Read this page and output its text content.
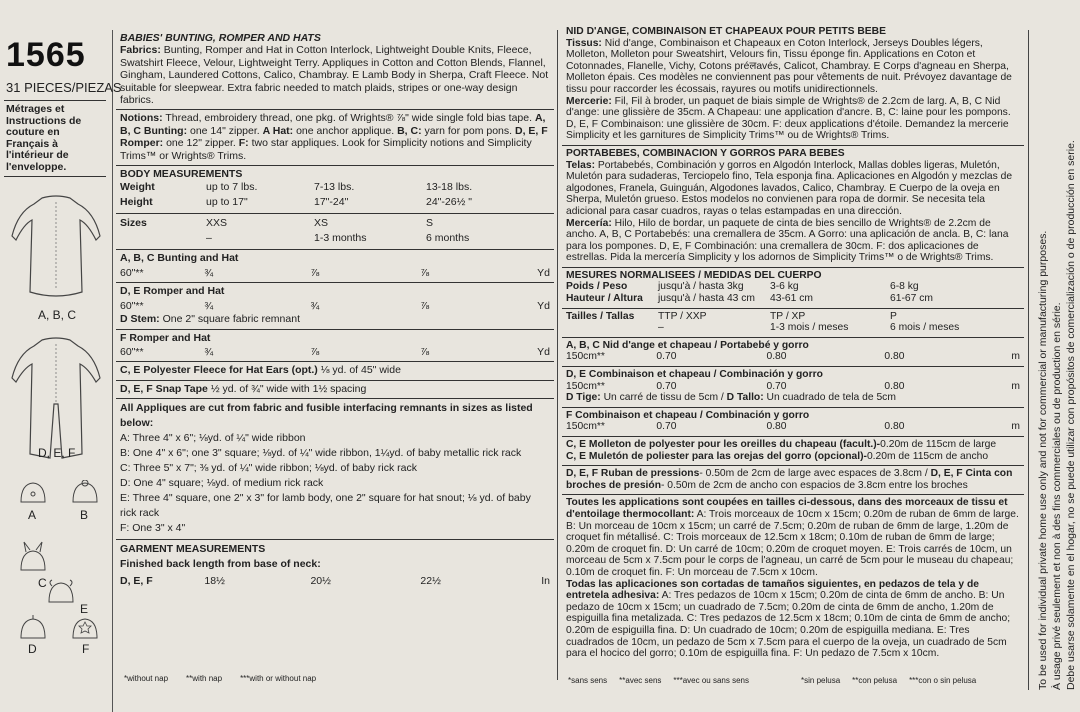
1565
31 PIECES/PIEZAS
Métrages et Instructions de couture en Français à l'intérieur de l'enveloppe.
A, B, C
D, E, F
A	B
C
E
D	F
BABIES' BUNTING, ROMPER AND HATS
Fabrics: Bunting, Romper and Hat in Cotton Interlock, Lightweight Double Knits, Fleece, Swatshirt Fleece, Velour, Lightweight Terry. Appliques in Cotton and Cotton Blends, Flannel, Gingham, Laundered Cottons, Calico, Chambray. E Lamb Body in Sherpa, Craft Fleece. Not suitable for sleepwear. Extra fabric needed to match plaids, stripes or one-way design fabrics.
Notions: Thread, embroidery thread, one pkg. of Wrights® ⅞" wide single fold bias tape. A, B, C Bunting: one 14" zipper. A Hat: one anchor applique. B, C: yarn for pom pons. D, E, F Romper: one 12" zipper. F: two star appliques. Look for Simplicity notions and Simplicity Trims™ or Wrights® Trims.
BODY MEASUREMENTS
Weight	up to 7 lbs.	7-13 lbs.	13-18 lbs.
Height	up to 17"	17"-24"	24"-26½ "
Sizes	XXS	XS	S
–	1-3 months	6 months
A, B, C Bunting and Hat
60"**	¾	⅞	⅞	Yd
D, E Romper and Hat
60"**	¾	¾	⅞	Yd
D Stem: One 2" square fabric remnant
F Romper and Hat
60"**	¾	⅞	⅞	Yd
C, E Polyester Fleece for Hat Ears (opt.) ⅛ yd. of 45" wide
D, E, F Snap Tape ½ yd. of ¾" wide with 1½ spacing
All Appliques are cut from fabric and fusible interfacing remnants in sizes as listed below:
A: Three 4" x 6"; ⅛yd. of ¼" wide ribbon
B: One 4" x 6"; one 3" square; ⅛yd. of ¼" wide ribbon, 1¼yd. of baby metallic rick rack
C: Three 5" x 7"; ⅜ yd. of ¼" wide ribbon; ⅛yd. of baby rick rack
D: One 4" square; ⅛yd. of medium rick rack
E: Three 4" square, one 2" x 3" for lamb body, one 2" square for hat snout; ⅛ yd. of baby rick rack
F: One 3" x 4"
GARMENT MEASUREMENTS
Finished back length from base of neck:
D, E, F	18½	20½	22½	In
*without nap **with nap ***with or without nap
NID D'ANGE, COMBINAISON ET CHAPEAUX POUR PETITS BEBE
Tissus: Nid d'ange, Combinaison et Chapeaux en Coton Interlock, Jerseys Doubles légers, Molleton, Molleton pour Sweatshirt, Velours fin, Tissu éponge fin. Applications en Coton et Cotonnades, Flanelle, Vichy, Cotons préलavés, Calicot, Chambray. E Corps d'agneau en Sherpa, Molleton épais. Ces modèles ne conviennent pas pour vêtements de nuit. Prévoyez davantage de tissu pour raccorder les écossais, rayures ou motifs unidirectionnels.
Mercerie: Fil, Fil à broder, un paquet de biais simple de Wrights® de 2.2cm de larg. A, B, C Nid d'ange: une glissière de 35cm. A Chapeau: une application d'ancre. B, C: laine pour les pompons. D, E, F Combinaison: une glissière de 30cm. F: deux applications d'étoile. Demandez la mercerie Simplicity et les garnitures de Simplicity Trims™ ou de Wrights® Trims.
PORTABEBES, COMBINACION Y GORROS PARA BEBES
Telas: Portabebés, Combinación y gorros en Algodón Interlock, Mallas dobles ligeras, Muletón, Muletón para sudaderas, Terciopelo fino, Tela esponja fina. Aplicaciones en Algodón y mezclas de algodones, Franela, Guinguán, Algodones lavados, Calico, Chambray. E Cuerpo de la oveja en Sherpa, Muletón grueso. Estos modelos no convienen para ropa de dormir. Se necesita tela adicional para casar cuadros, rayas o telas estampadas en una dirección.
Mercería: Hilo, Hilo de bordar, un paquete de cinta de bies sencillo de Wrights® de 2.2cm de ancho. A, B, C Portabebés: una cremallera de 35cm. A Gorro: una aplicación de ancla. B, C: lana para los pompones. D, E, F Combinación: una cremallera de 30cm. F: dos aplicaciones de estrellas. Pida la mercería Simplicity y los adornos de Simplicity Trims™ o de Wrights® Trims.
MESURES NORMALISEES / MEDIDAS DEL CUERPO
Poids / Peso	jusqu'à / hasta 3kg	3-6 kg	6-8 kg
Hauteur / Altura	jusqu'à / hasta 43 cm	43-61 cm	61-67 cm
Tailles / Tallas	TTP / XXP	TP / XP	P
–	1-3 mois / meses	6 mois / meses
A, B, C Nid d'ange et chapeau / Portabebé y gorro
150cm**	0.70	0.80	0.80	m
D, E Combinaison et chapeau / Combinación y gorro
150cm**	0.70	0.70	0.80	m
D Tige: Un carré de tissu de 5cm / D Tallo: Un cuadrado de tela de 5cm
F Combinaison et chapeau / Combinación y gorro
150cm**	0.70	0.80	0.80	m
C, E Molleton de polyester pour les oreilles du chapeau (facult.)-0.20m de 115cm de large
C, E Muletón de poliester para las orejas del gorro (opcional)-0.20m de 115cm de ancho
D, E, F Ruban de pressions- 0.50m de 2cm de large avec espaces de 3.8cm / D, E, F Cinta con broches de presión- 0.50m de 2cm de ancho con espacios de 3.8cm entre los broches
Toutes les applications sont coupées en tailles ci-dessous, dans des morceaux de tissu et d'entoilage thermocollant: A: Trois morceaux de 10cm x 15cm; 0.20m de ruban de 6mm de large. B: Un morceau de 10cm x 15cm; un carré de 7.5cm; 0.20m de ruban de 6mm de large, 1.20m de croquet fin métallisé. C: Trois morceaux de 12.5cm x 18cm; 0.10m de ruban de 6mm de large; 0.20m de croquet fin. D: Un carré de 10cm; 0.20m de croquet moyen. E: Trois carrés de 10cm, un morceau de 5cm x 7.5cm pour le corps de l'agneau, un carré de 5cm pour le museau du chapeau; 0.10m de croquet fin. F: Un morceau de 7.5cm x 10cm.
Todas las aplicaciones son cortadas de tamaños siguientes, en pedazos de tela y de entretela adhesiva: A: Tres pedazos de 10cm x 15cm; 0.20m de cinta de 6mm de ancho. B: Un pedazo de 10cm x 15cm; un cuadrado de 7.5cm; 0.20m de cinta de 6mm de ancho, 1.20m de espiguilla fina metalizada. C: Tres pedazos de 12.5cm x 18cm; 0.10m de cinta de 6mm de ancho; 0.20m de espiguilla fina. D: Un cuadrado de 10cm; 0.20m de espiguilla mediana. E: Tres cuadrados de 10cm, un pedazo de 5cm x 7.5cm para el cuerpo de la oveja, un cuadrado de 5cm para el hocico del gorro; 0.10m de espiguilla fina. F: Un pedazo de 7.5cm x 10cm.
*sans sens **avec sens ***avec ou sans sens	*sin pelusa **con pelusa ***con o sin pelusa	To be used for individual private home use only and not for commercial or manufacturing purposes. À usage privé seulement et non à des fins commerciales ou de production en série. Debe usarse solamente en el hogar, no se puede utilizar con propósitos de comercialización o de producción en serie.
